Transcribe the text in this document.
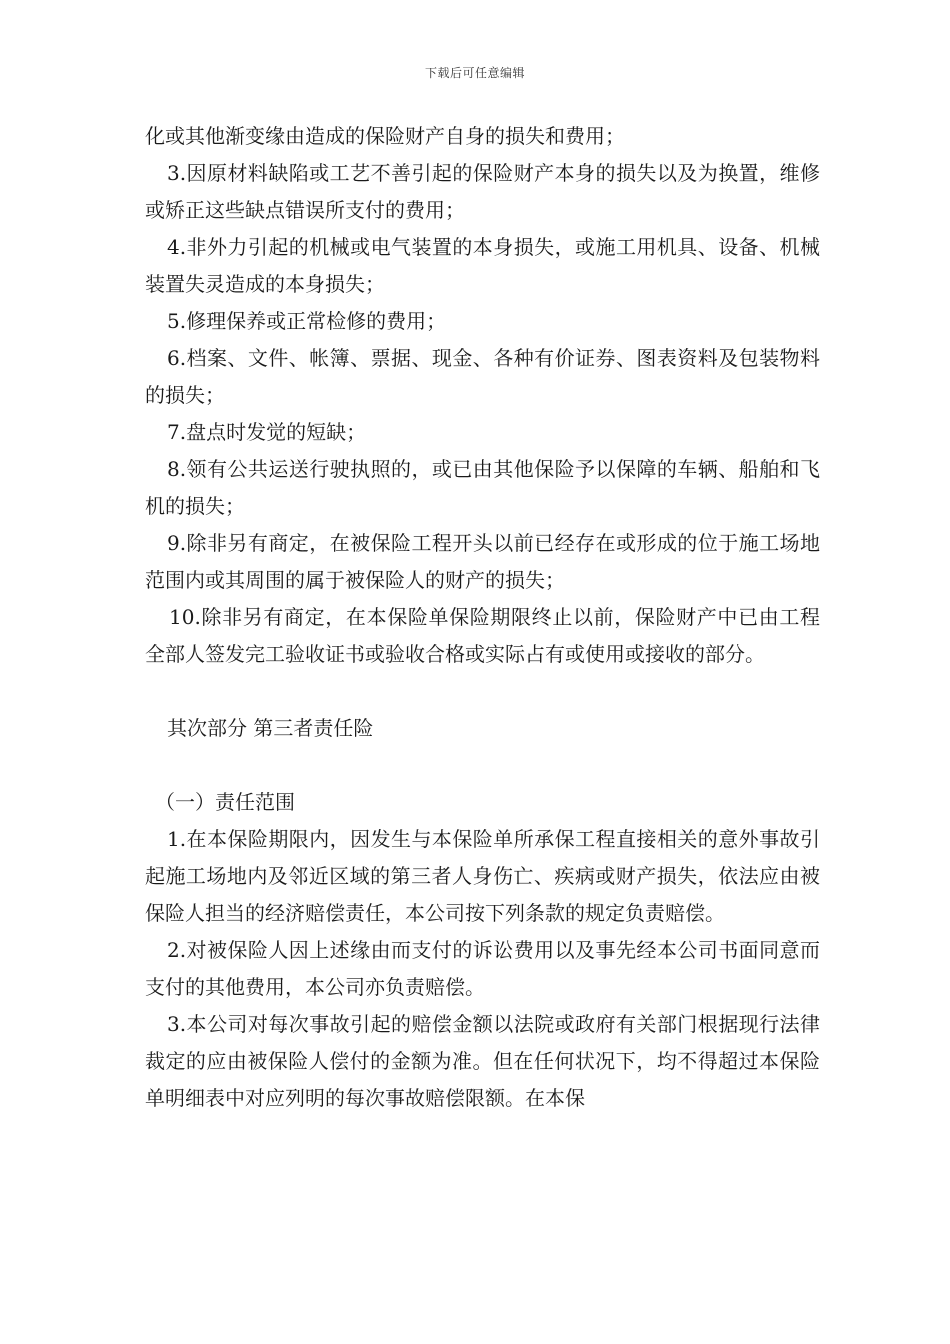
下载后可任意编辑

化或其他渐变缘由造成的保险财产自身的损失和费用；

3.因原材料缺陷或工艺不善引起的保险财产本身的损失以及为换置，维修或矫正这些缺点错误所支付的费用；

4.非外力引起的机械或电气装置的本身损失，或施工用机具、设备、机械装置失灵造成的本身损失；

5.修理保养或正常检修的费用；

6.档案、文件、帐簿、票据、现金、各种有价证券、图表资料及包装物料的损失；

7.盘点时发觉的短缺；

8.领有公共运送行驶执照的，或已由其他保险予以保障的车辆、船舶和飞机的损失；

9.除非另有商定，在被保险工程开头以前已经存在或形成的位于施工场地范围内或其周围的属于被保险人的财产的损失；

10.除非另有商定，在本保险单保险期限终止以前，保险财产中已由工程全部人签发完工验收证书或验收合格或实际占有或使用或接收的部分。

其次部分 第三者责任险

（一）责任范围

1.在本保险期限内，因发生与本保险单所承保工程直接相关的意外事故引起施工场地内及邻近区域的第三者人身伤亡、疾病或财产损失，依法应由被保险人担当的经济赔偿责任，本公司按下列条款的规定负责赔偿。

2.对被保险人因上述缘由而支付的诉讼费用以及事先经本公司书面同意而支付的其他费用，本公司亦负责赔偿。

3.本公司对每次事故引起的赔偿金额以法院或政府有关部门根据现行法律裁定的应由被保险人偿付的金额为准。但在任何状况下，均不得超过本保险单明细表中对应列明的每次事故赔偿限额。在本保
